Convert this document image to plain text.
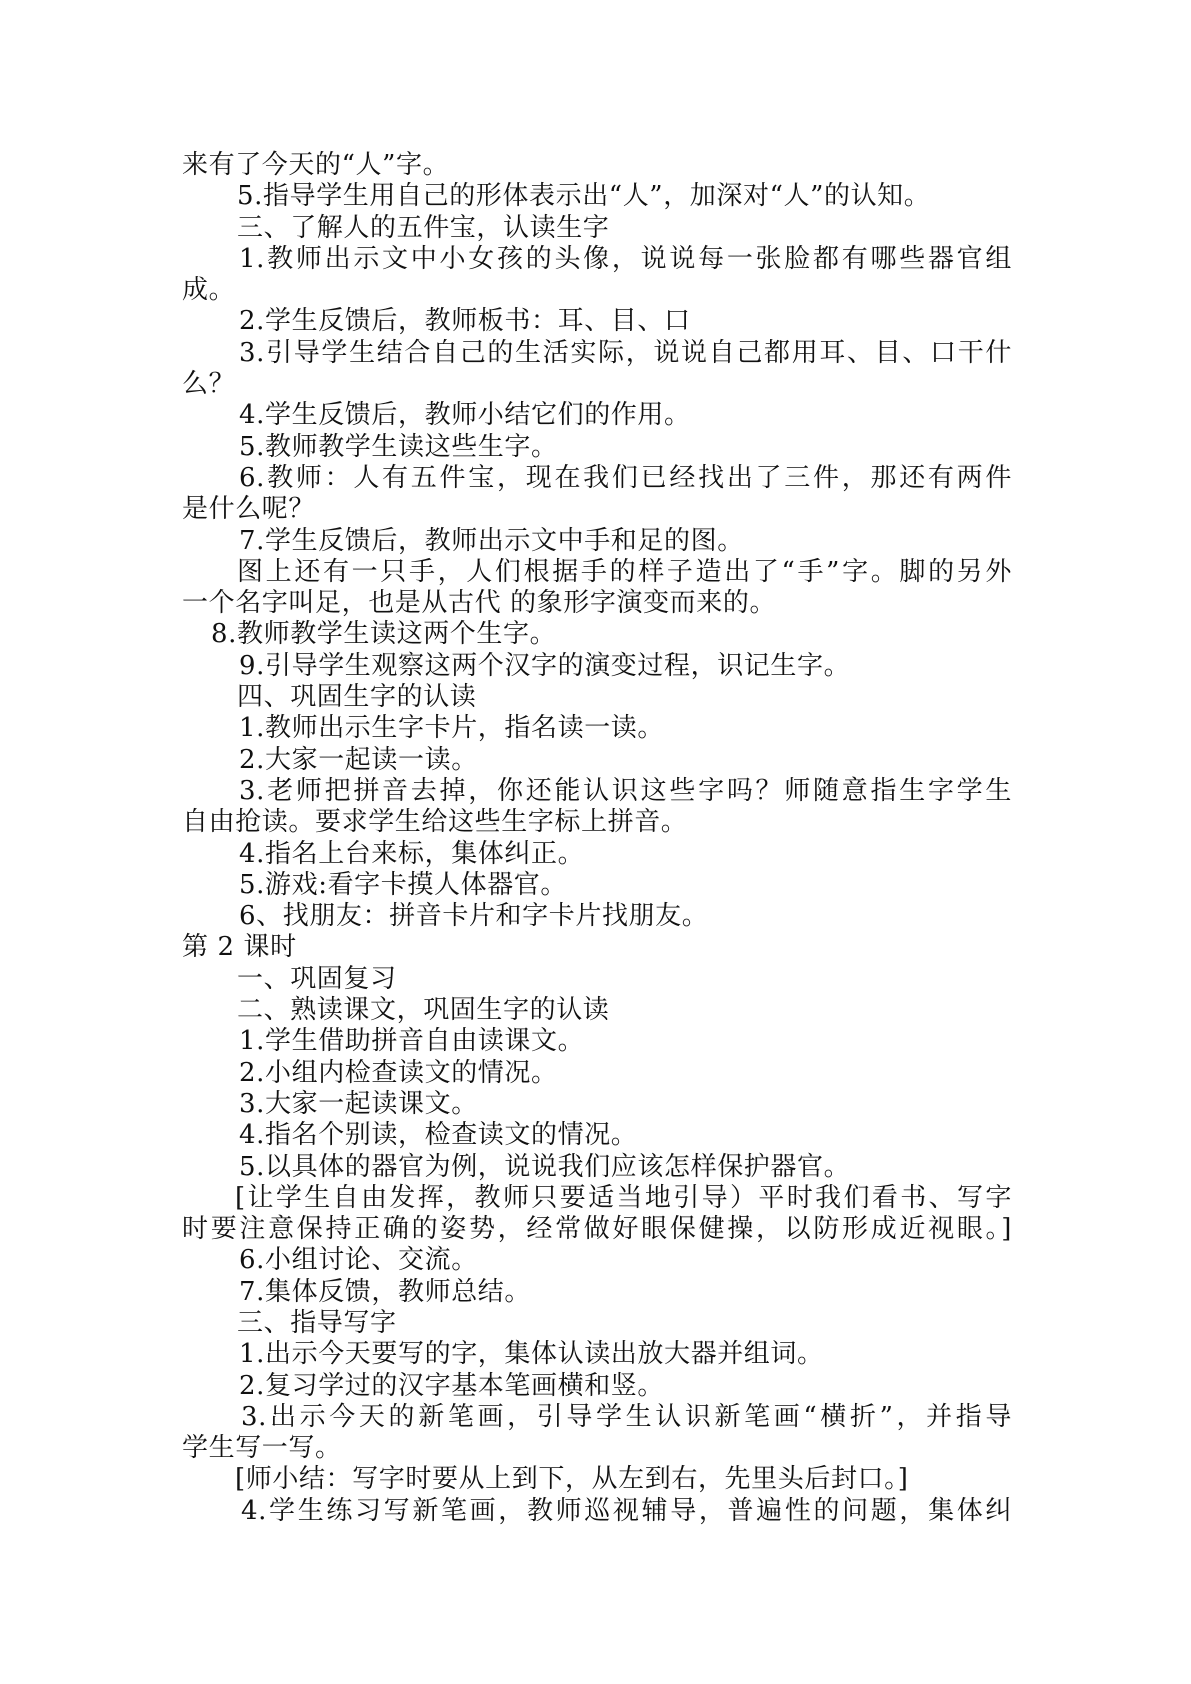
来有了今天的“人”字。
5.指导学生用自己的形体表示出“人”，加深对“人”的认知。
三、了解人的五件宝，认读生字
1.教师出示文中小女孩的头像，说说每一张脸都有哪些器官组
成。
2.学生反馈后，教师板书：耳、目、口
3.引导学生结合自己的生活实际，说说自己都用耳、目、口干什
么？
4.学生反馈后，教师小结它们的作用。
5.教师教学生读这些生字。
6.教师：人有五件宝，现在我们已经找出了三件，那还有两件
是什么呢？
7.学生反馈后，教师出示文中手和足的图。
图上还有一只手，人们根据手的样子造出了“手”字。脚的另外
一个名字叫足，也是从古代 的象形字演变而来的。
8.教师教学生读这两个生字。
9.引导学生观察这两个汉字的演变过程，识记生字。
四、巩固生字的认读
1.教师出示生字卡片，指名读一读。
2.大家一起读一读。
3.老师把拼音去掉，你还能认识这些字吗？师随意指生字学生
自由抢读。要求学生给这些生字标上拼音。
4.指名上台来标，集体纠正。
5.游戏:看字卡摸人体器官。
6、找朋友：拼音卡片和字卡片找朋友。
第 2 课时
一、巩固复习
二、熟读课文，巩固生字的认读
1.学生借助拼音自由读课文。
2.小组内检查读文的情况。
3.大家一起读课文。
4.指名个别读，检查读文的情况。
5.以具体的器官为例，说说我们应该怎样保护器官。
[让学生自由发挥，教师只要适当地引导）平时我们看书、写字
时要注意保持正确的姿势，经常做好眼保健操，以防形成近视眼。]
6.小组讨论、交流。
7.集体反馈，教师总结。
三、指导写字
1.出示今天要写的字，集体认读出放大器并组词。
2.复习学过的汉字基本笔画横和竖。
3.出示今天的新笔画，引导学生认识新笔画“横折”，并指导
学生写一写。
[师小结：写字时要从上到下，从左到右，先里头后封口。]
4.学生练习写新笔画，教师巡视辅导，普遍性的问题，集体纠
